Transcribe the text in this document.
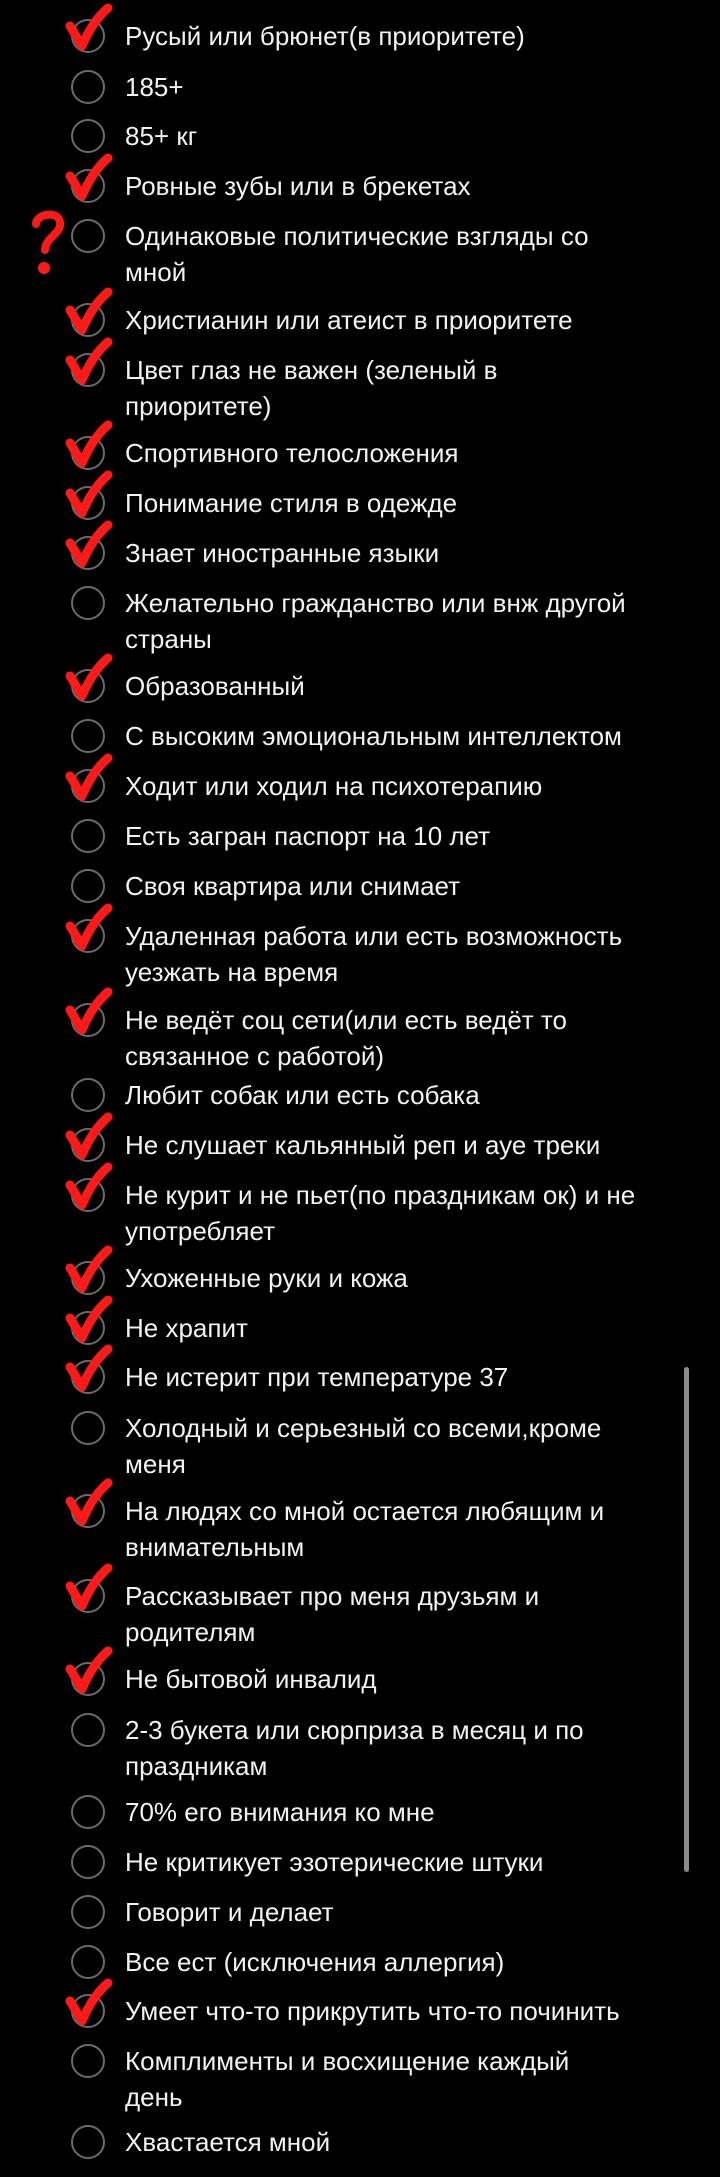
Русый или брюнет(в приоритете)
185+
85+ кг
Ровные зубы или в брекетах
Одинаковые политические взгляды со мной
Христианин или атеист в приоритете
Цвет глаз не важен (зеленый в приоритете)
Спортивного телосложения
Понимание стиля в одежде
Знает иностранные языки
Желательно гражданство или внж другой страны
Образованный
С высоким эмоциональным интеллектом
Ходит или ходил на психотерапию
Есть загран паспорт на 10 лет
Своя квартира или снимает
Удаленная работа или есть возможность уезжать на время
Не ведёт соц сети(или есть ведёт то связанное с работой)
Любит собак или есть собака
Не слушает кальянный реп и ауе треки
Не курит и не пьет(по праздникам ок) и не употребляет
Ухоженные руки и кожа
Не храпит
Не истерит при температуре 37
Холодный и серьезный со всеми,кроме меня
На людях со мной остается любящим и внимательным
Рассказывает про меня друзьям и родителям
Не бытовой инвалид
2-3 букета или сюрприза в месяц и по праздникам
70% его внимания ко мне
Не критикует эзотерические штуки
Говорит и делает
Все ест (исключения аллергия)
Умеет что-то прикрутить что-то починить
Комплименты и восхищение каждый день
Хвастается мной
